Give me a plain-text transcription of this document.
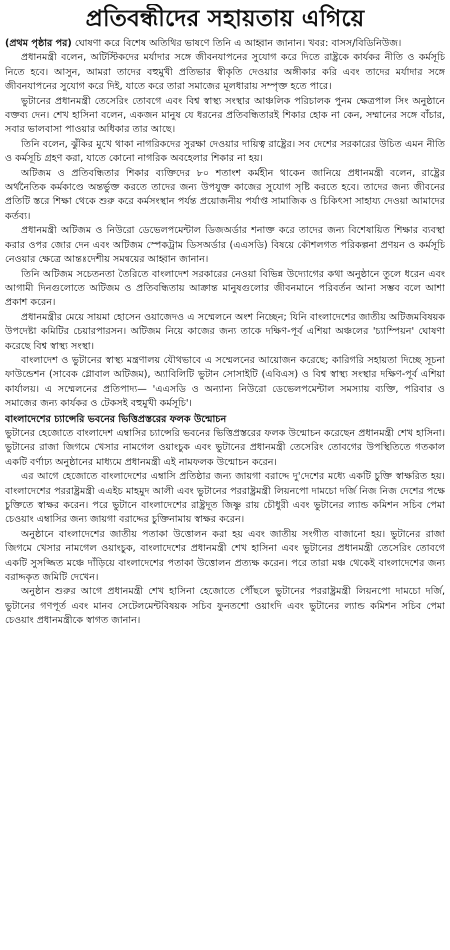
প্রতিবন্ধীদের সহায়তায় এগিয়ে

(প্রথম পৃষ্ঠার পর) ঘোষণা করে বিশেষ অতিথির ভাষণে তিনি এ আহ্বান জানান। খবর: বাসস/বিডিনিউজ।

প্রধানমন্ত্রী বলেন, অটিস্টিকদের মর্যাদার সঙ্গে জীবনযাপনের সুযোগ করে দিতে রাষ্ট্রকে কার্যকর নীতি ও কর্মসূচি নিতে হবে। আসুন, আমরা তাদের বহুমুখী প্রতিভার স্বীকৃতি দেওয়ার অঙ্গীকার করি এবং তাদের মর্যাদার সঙ্গে জীবনযাপনের সুযোগ করে দিই, যাতে করে তারা সমাজের মূলধারায় সম্পৃক্ত হতে পারে।

ভুটানের প্রধানমন্ত্রী তেসেরিং তোবগে এবং বিশ্ব স্বাস্থ্য সংস্থার আঞ্চলিক পরিচালক পুনম ক্ষেত্রপাল সিং অনুষ্ঠানে বক্তব্য দেন। শেখ হাসিনা বলেন, একজন মানুষ যে ধরনের প্রতিবন্ধিতারই শিকার হোক না কেন, সম্মানের সঙ্গে বাঁচার, সবার ভালবাসা পাওয়ার অধিকার তার আছে।

তিনি বলেন, ঝুঁকির মুখে থাকা নাগরিকদের সুরক্ষা দেওয়ার দায়িত্ব রাষ্ট্রের। সব দেশের সরকারের উচিত এমন নীতি ও কর্মসূচি গ্রহণ করা, যাতে কোনো নাগরিক অবহেলার শিকার না হয়।

অটিজম ও প্রতিবন্ধিতার শিকার ব্যক্তিদের ৮০ শতাংশ কর্মহীন থাকেন জানিয়ে প্রধানমন্ত্রী বলেন, রাষ্ট্রের অর্থনৈতিক কর্মকাণ্ডে অন্তর্ভুক্ত করতে তাদের জন্য উপযুক্ত কাজের সুযোগ সৃষ্টি করতে হবে। তাদের জন্য জীবনের প্রতিটি স্তরে শিক্ষা থেকে শুরু করে কর্মসংস্থান পর্যন্ত প্রয়োজনীয় পর্যাপ্ত সামাজিক ও চিকিৎসা সাহায্য দেওয়া আমাদের কর্তব্য।

প্রধানমন্ত্রী অটিজম ও নিউরো ডেভেলপমেন্টাল ডিজঅর্ডার শনাক্ত করে তাদের জন্য বিশেষায়িত শিক্ষার ব্যবস্থা করার ওপর জোর দেন এবং অটিজম স্পেকট্রাম ডিসঅর্ডার (এএসডি) বিষয়ে কৌশলগত পরিকল্পনা প্রণয়ন ও কর্মসূচি নেওয়ার ক্ষেত্রে আন্তঃদেশীয় সমন্বয়ের আহ্বান জানান।

তিনি অটিজম সচেতনতা তৈরিতে বাংলাদেশ সরকারের নেওয়া বিভিন্ন উদ্যোগের কথা অনুষ্ঠানে তুলে ধরেন এবং আগামী দিনগুলোতে অটিজম ও প্রতিবন্ধিতায় আক্রান্ত মানুষগুলোর জীবনমানে পরিবর্তন আনা সম্ভব বলে আশা প্রকাশ করেন।

প্রধানমন্ত্রীর মেয়ে সায়মা হোসেন ওয়াজেদও এ সম্মেলনে অংশ নিচ্ছেন; যিনি বাংলাদেশের জাতীয় অটিজমবিষয়ক উপদেষ্টা কমিটির চেয়ারপারসন। অটিজম নিয়ে কাজের জন্য তাকে দক্ষিণ-পূর্ব এশিয়া অঞ্চলের 'চ্যাম্পিয়ন' ঘোষণা করেছে বিশ্ব স্বাস্থ্য সংস্থা।

বাংলাদেশ ও ভুটানের স্বাস্থ্য মন্ত্রণালয় যৌথভাবে এ সম্মেলনের আয়োজন করেছে; কারিগরি সহায়তা দিচ্ছে সূচনা ফাউন্ডেশন (সাবেক গ্লোবাল অটিজম), অ্যাবিলিটি ভুটান সোসাইটি (এবিএস) ও বিশ্ব স্বাস্থ্য সংস্থার দক্ষিণ-পূর্ব এশিয়া কার্যালয়। এ সম্মেলনের প্রতিপাদ্য— 'এএসডি ও অন্যান্য নিউরো ডেভেলপমেন্টাল সমস্যায় ব্যক্তি, পরিবার ও সমাজের জন্য কার্যকর ও টেকসই বহুমুখী কর্মসূচি'।

বাংলাদেশের চ্যান্সেরি ভবনের ভিত্তিপ্রস্তরের ফলক উন্মোচন

ভুটানের হেজোতে বাংলাদেশ এম্বাসির চ্যান্সেরি ভবনের ভিত্তিপ্রস্তরের ফলক উন্মোচন করেছেন প্রধানমন্ত্রী শেখ হাসিনা। ভুটানের রাজা জিগমে খেসার নামগেল ওয়াংচুক এবং ভুটানের প্রধানমন্ত্রী তেসেরিং তোবগের উপস্থিতিতে গতকাল একটি বর্ণাঢ্য অনুষ্ঠানের মাধ্যমে প্রধানমন্ত্রী এই নামফলক উন্মোচন করেন।

এর আগে হেজোতে বাংলাদেশের এম্বাসি প্রতিষ্ঠার জন্য জায়গা বরাদ্দে দু'দেশের মধ্যে একটি চুক্তি স্বাক্ষরিত হয়। বাংলাদেশের পররাষ্ট্রমন্ত্রী এএইচ মাহমুদ আলী এবং ভুটানের পররাষ্ট্রমন্ত্রী লিয়নপো দামচো দর্জি নিজ নিজ দেশের পক্ষে চুক্তিতে স্বাক্ষর করেন। পরে ভুটানে বাংলাদেশের রাষ্ট্রদূত জিষ্ণু রায় চৌধুরী এবং ভুটানের ল্যান্ড কমিশন সচিব পেমা চেওয়াং এম্বাসির জন্য জায়গা বরাদ্দের চুক্তিনামায় স্বাক্ষর করেন।

অনুষ্ঠানে বাংলাদেশের জাতীয় পতাকা উত্তোলন করা হয় এবং জাতীয় সংগীত বাজানো হয়। ভুটানের রাজা জিগমে খেসার নামগেল ওয়াংচুক, বাংলাদেশের প্রধানমন্ত্রী শেখ হাসিনা এবং ভুটানের প্রধানমন্ত্রী তেসেরিং তোবগে একটি সুসজ্জিত মঞ্চে দাঁড়িয়ে বাংলাদেশের পতাকা উত্তোলন প্রত্যক্ষ করেন। পরে তারা মঞ্চ থেকেই বাংলাদেশের জন্য বরাদ্দকৃত জমিটি দেখেন।

অনুষ্ঠান শুরুর আগে প্রধানমন্ত্রী শেখ হাসিনা হেজোতে পৌঁছলে ভুটানের পররাষ্ট্রমন্ত্রী লিয়নপো দামচো দর্জি, ভুটানের গণপূর্ত এবং মানব সেটেলমেন্টবিষয়ক সচিব ফুনতশো ওয়াংদি এবং ভুটানের ল্যান্ড কমিশন সচিব পেমা চেওয়াং প্রধানমন্ত্রীকে স্বাগত জানান।
